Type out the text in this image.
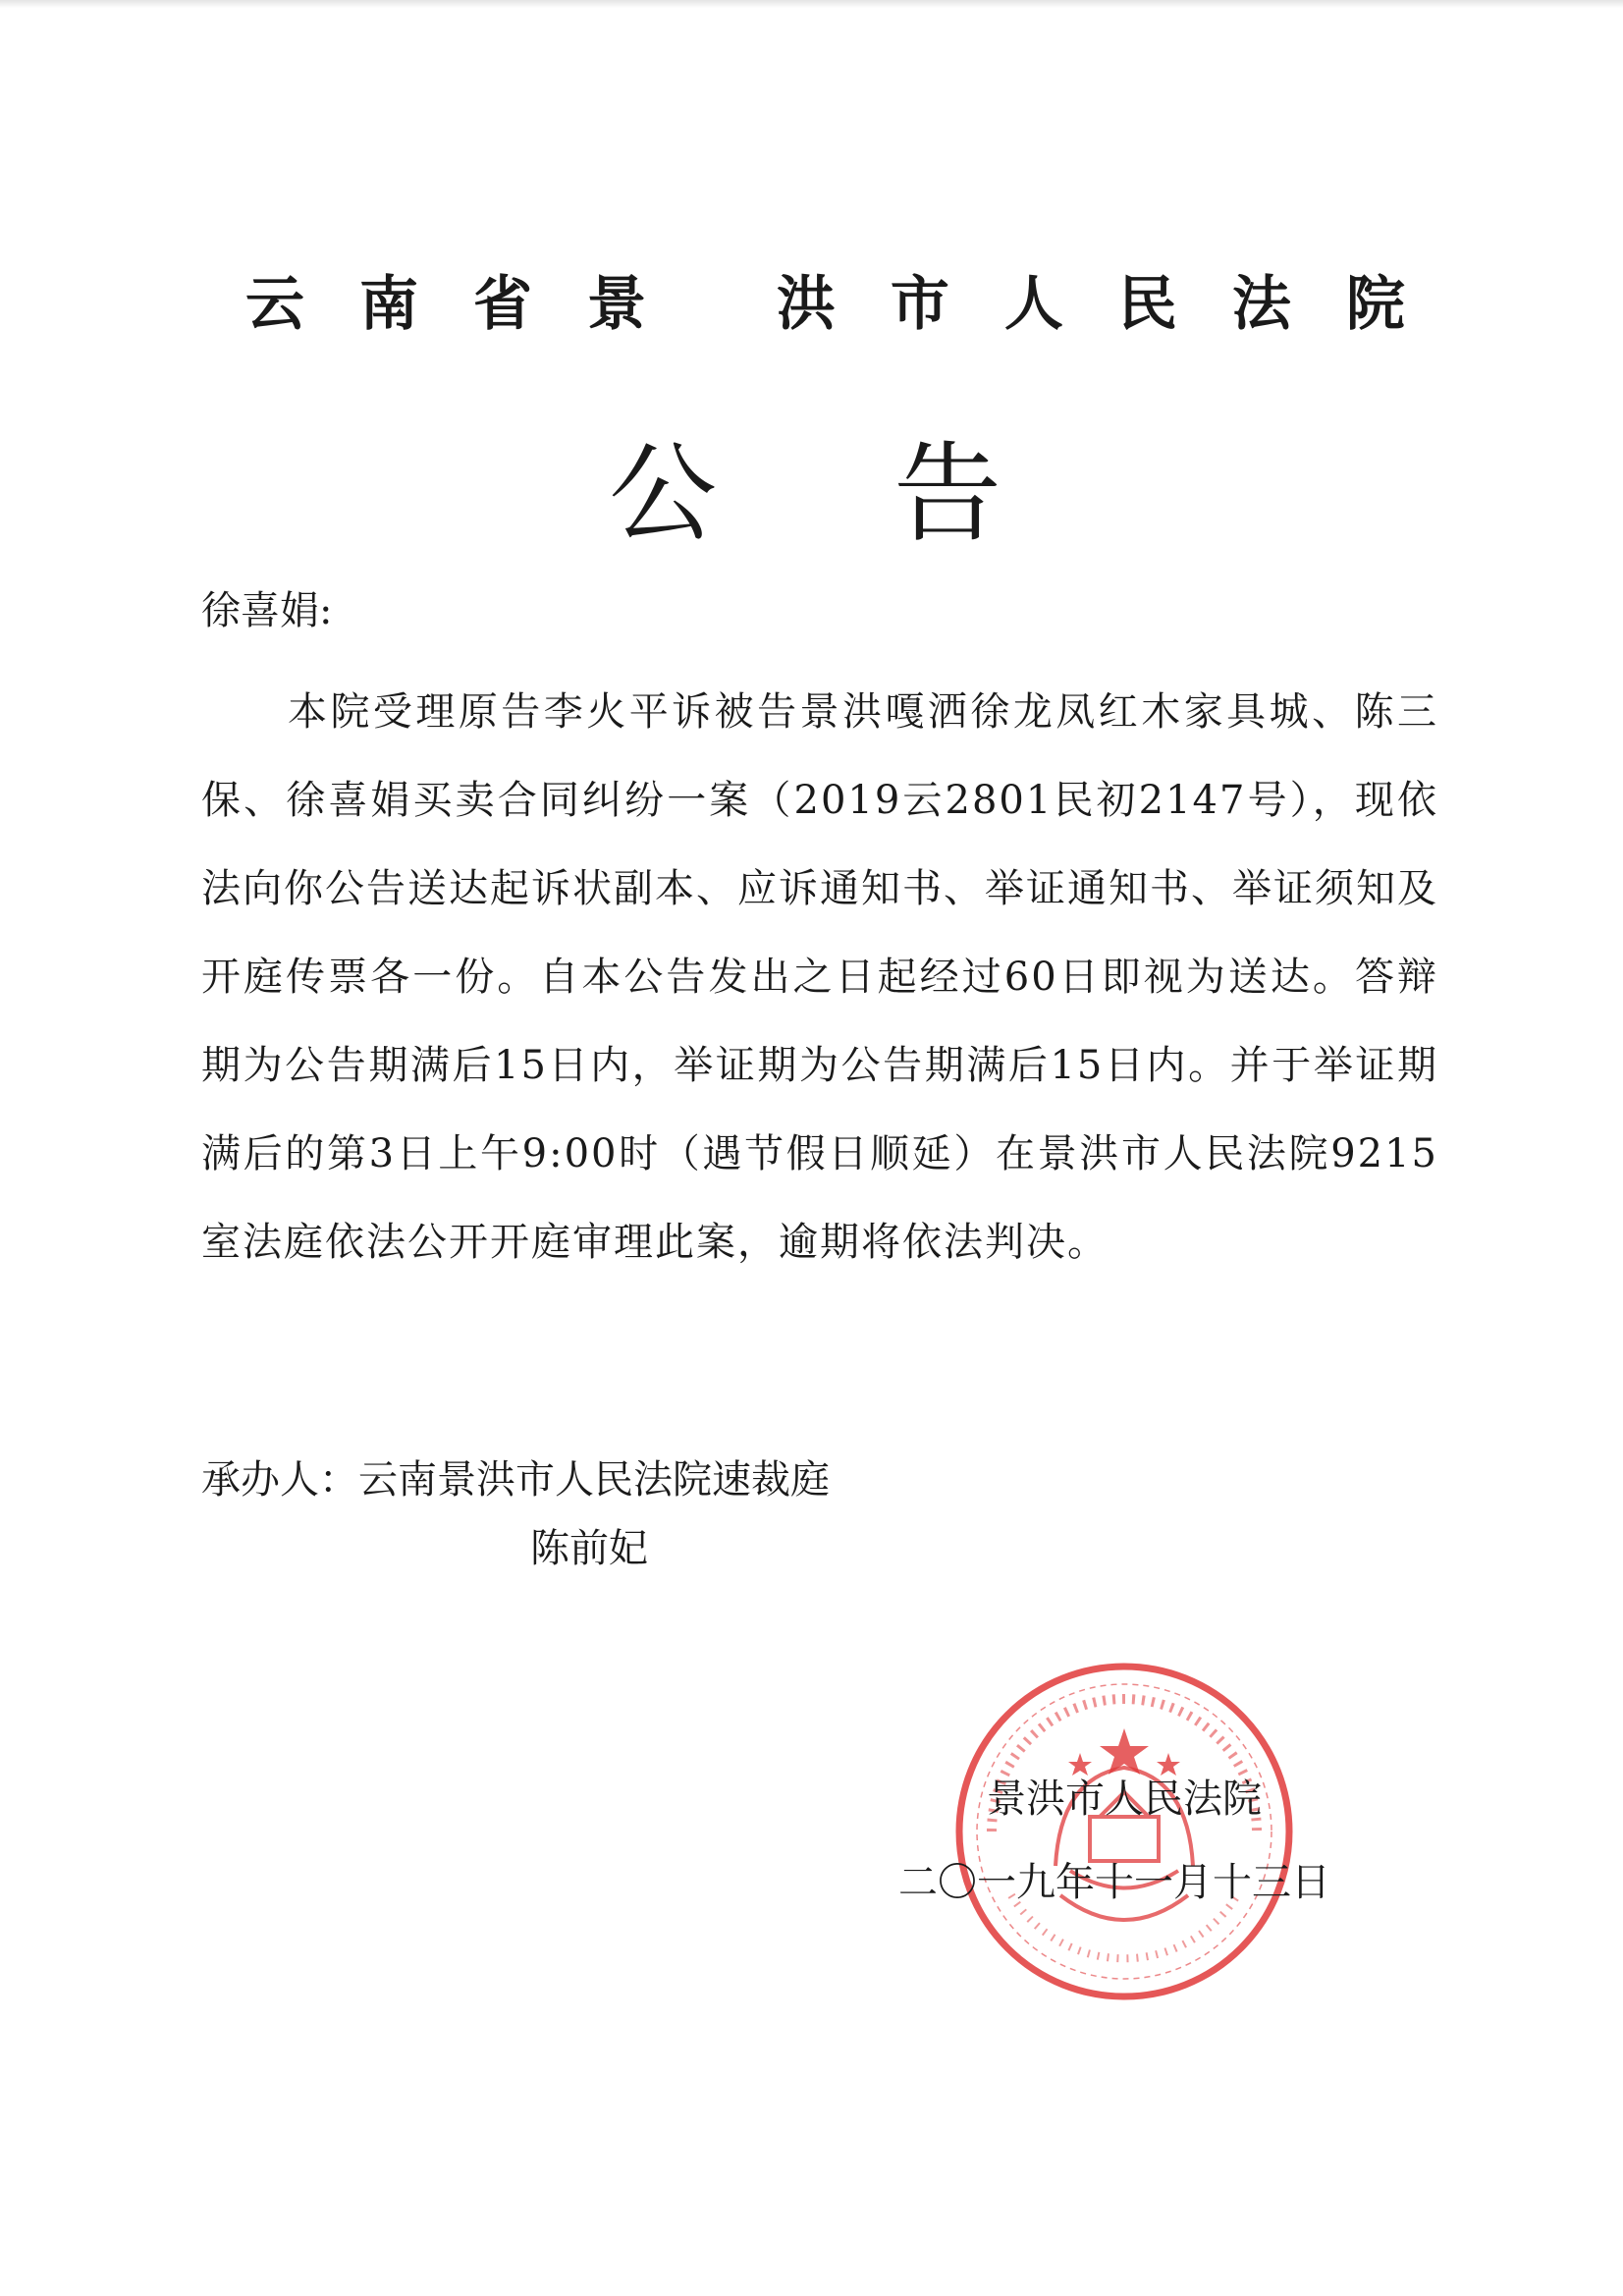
云南省景 洪市人民法院
公告
徐喜娟:
本院受理原告李火平诉被告景洪嘎洒徐龙凤红木家具城、陈三保、徐喜娟买卖合同纠纷一案（2019云2801民初2147号），现依法向你公告送达起诉状副本、应诉通知书、举证通知书、举证须知及开庭传票各一份。自本公告发出之日起经过60日即视为送达。答辩期为公告期满后15日内，举证期为公告期满后15日内。并于举证期满后的第3日上午9:00时（遇节假日顺延）在景洪市人民法院9215室法庭依法公开开庭审理此案，逾期将依法判决。
承办人：云南景洪市人民法院速裁庭
陈前妃
景洪市人民法院
二〇一九年十一月十三日
